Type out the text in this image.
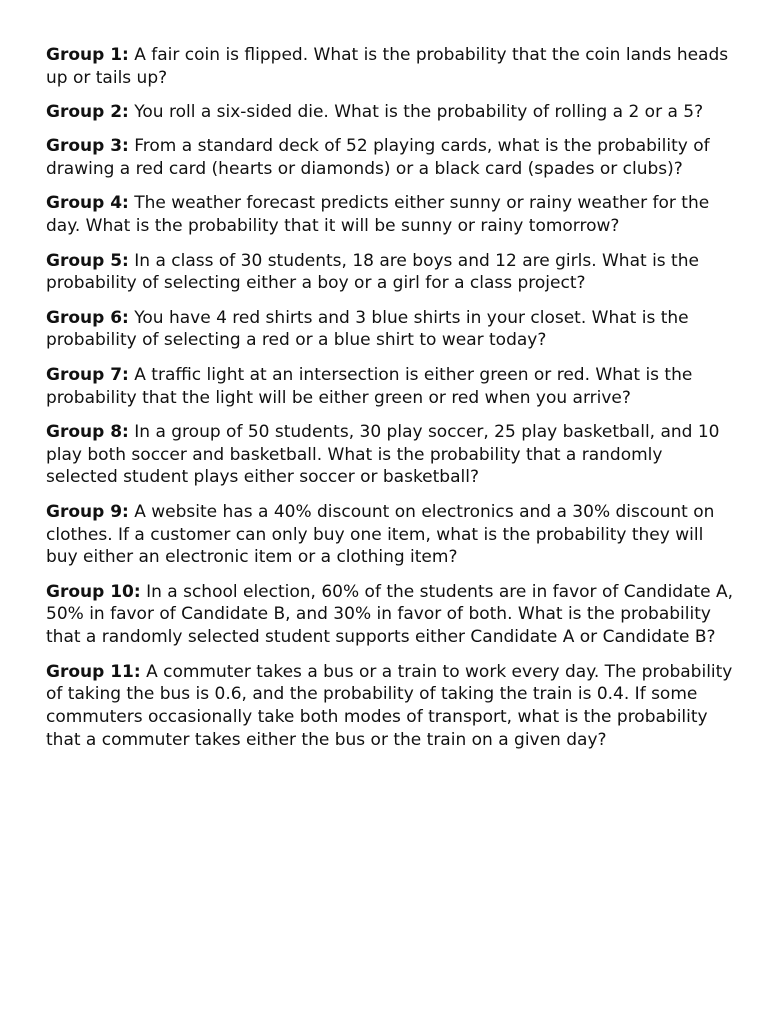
Group 1: A fair coin is flipped. What is the probability that the coin lands heads up or tails up?

Group 2: You roll a six-sided die. What is the probability of rolling a 2 or a 5?

Group 3: From a standard deck of 52 playing cards, what is the probability of drawing a red card (hearts or diamonds) or a black card (spades or clubs)?

Group 4: The weather forecast predicts either sunny or rainy weather for the day. What is the probability that it will be sunny or rainy tomorrow?

Group 5: In a class of 30 students, 18 are boys and 12 are girls. What is the probability of selecting either a boy or a girl for a class project?

Group 6: You have 4 red shirts and 3 blue shirts in your closet. What is the probability of selecting a red or a blue shirt to wear today?

Group 7: A traffic light at an intersection is either green or red. What is the probability that the light will be either green or red when you arrive?

Group 8: In a group of 50 students, 30 play soccer, 25 play basketball, and 10 play both soccer and basketball. What is the probability that a randomly selected student plays either soccer or basketball?

Group 9: A website has a 40% discount on electronics and a 30% discount on clothes. If a customer can only buy one item, what is the probability they will buy either an electronic item or a clothing item?

Group 10: In a school election, 60% of the students are in favor of Candidate A, 50% in favor of Candidate B, and 30% in favor of both. What is the probability that a randomly selected student supports either Candidate A or Candidate B?

Group 11: A commuter takes a bus or a train to work every day. The probability of taking the bus is 0.6, and the probability of taking the train is 0.4. If some commuters occasionally take both modes of transport, what is the probability that a commuter takes either the bus or the train on a given day?
